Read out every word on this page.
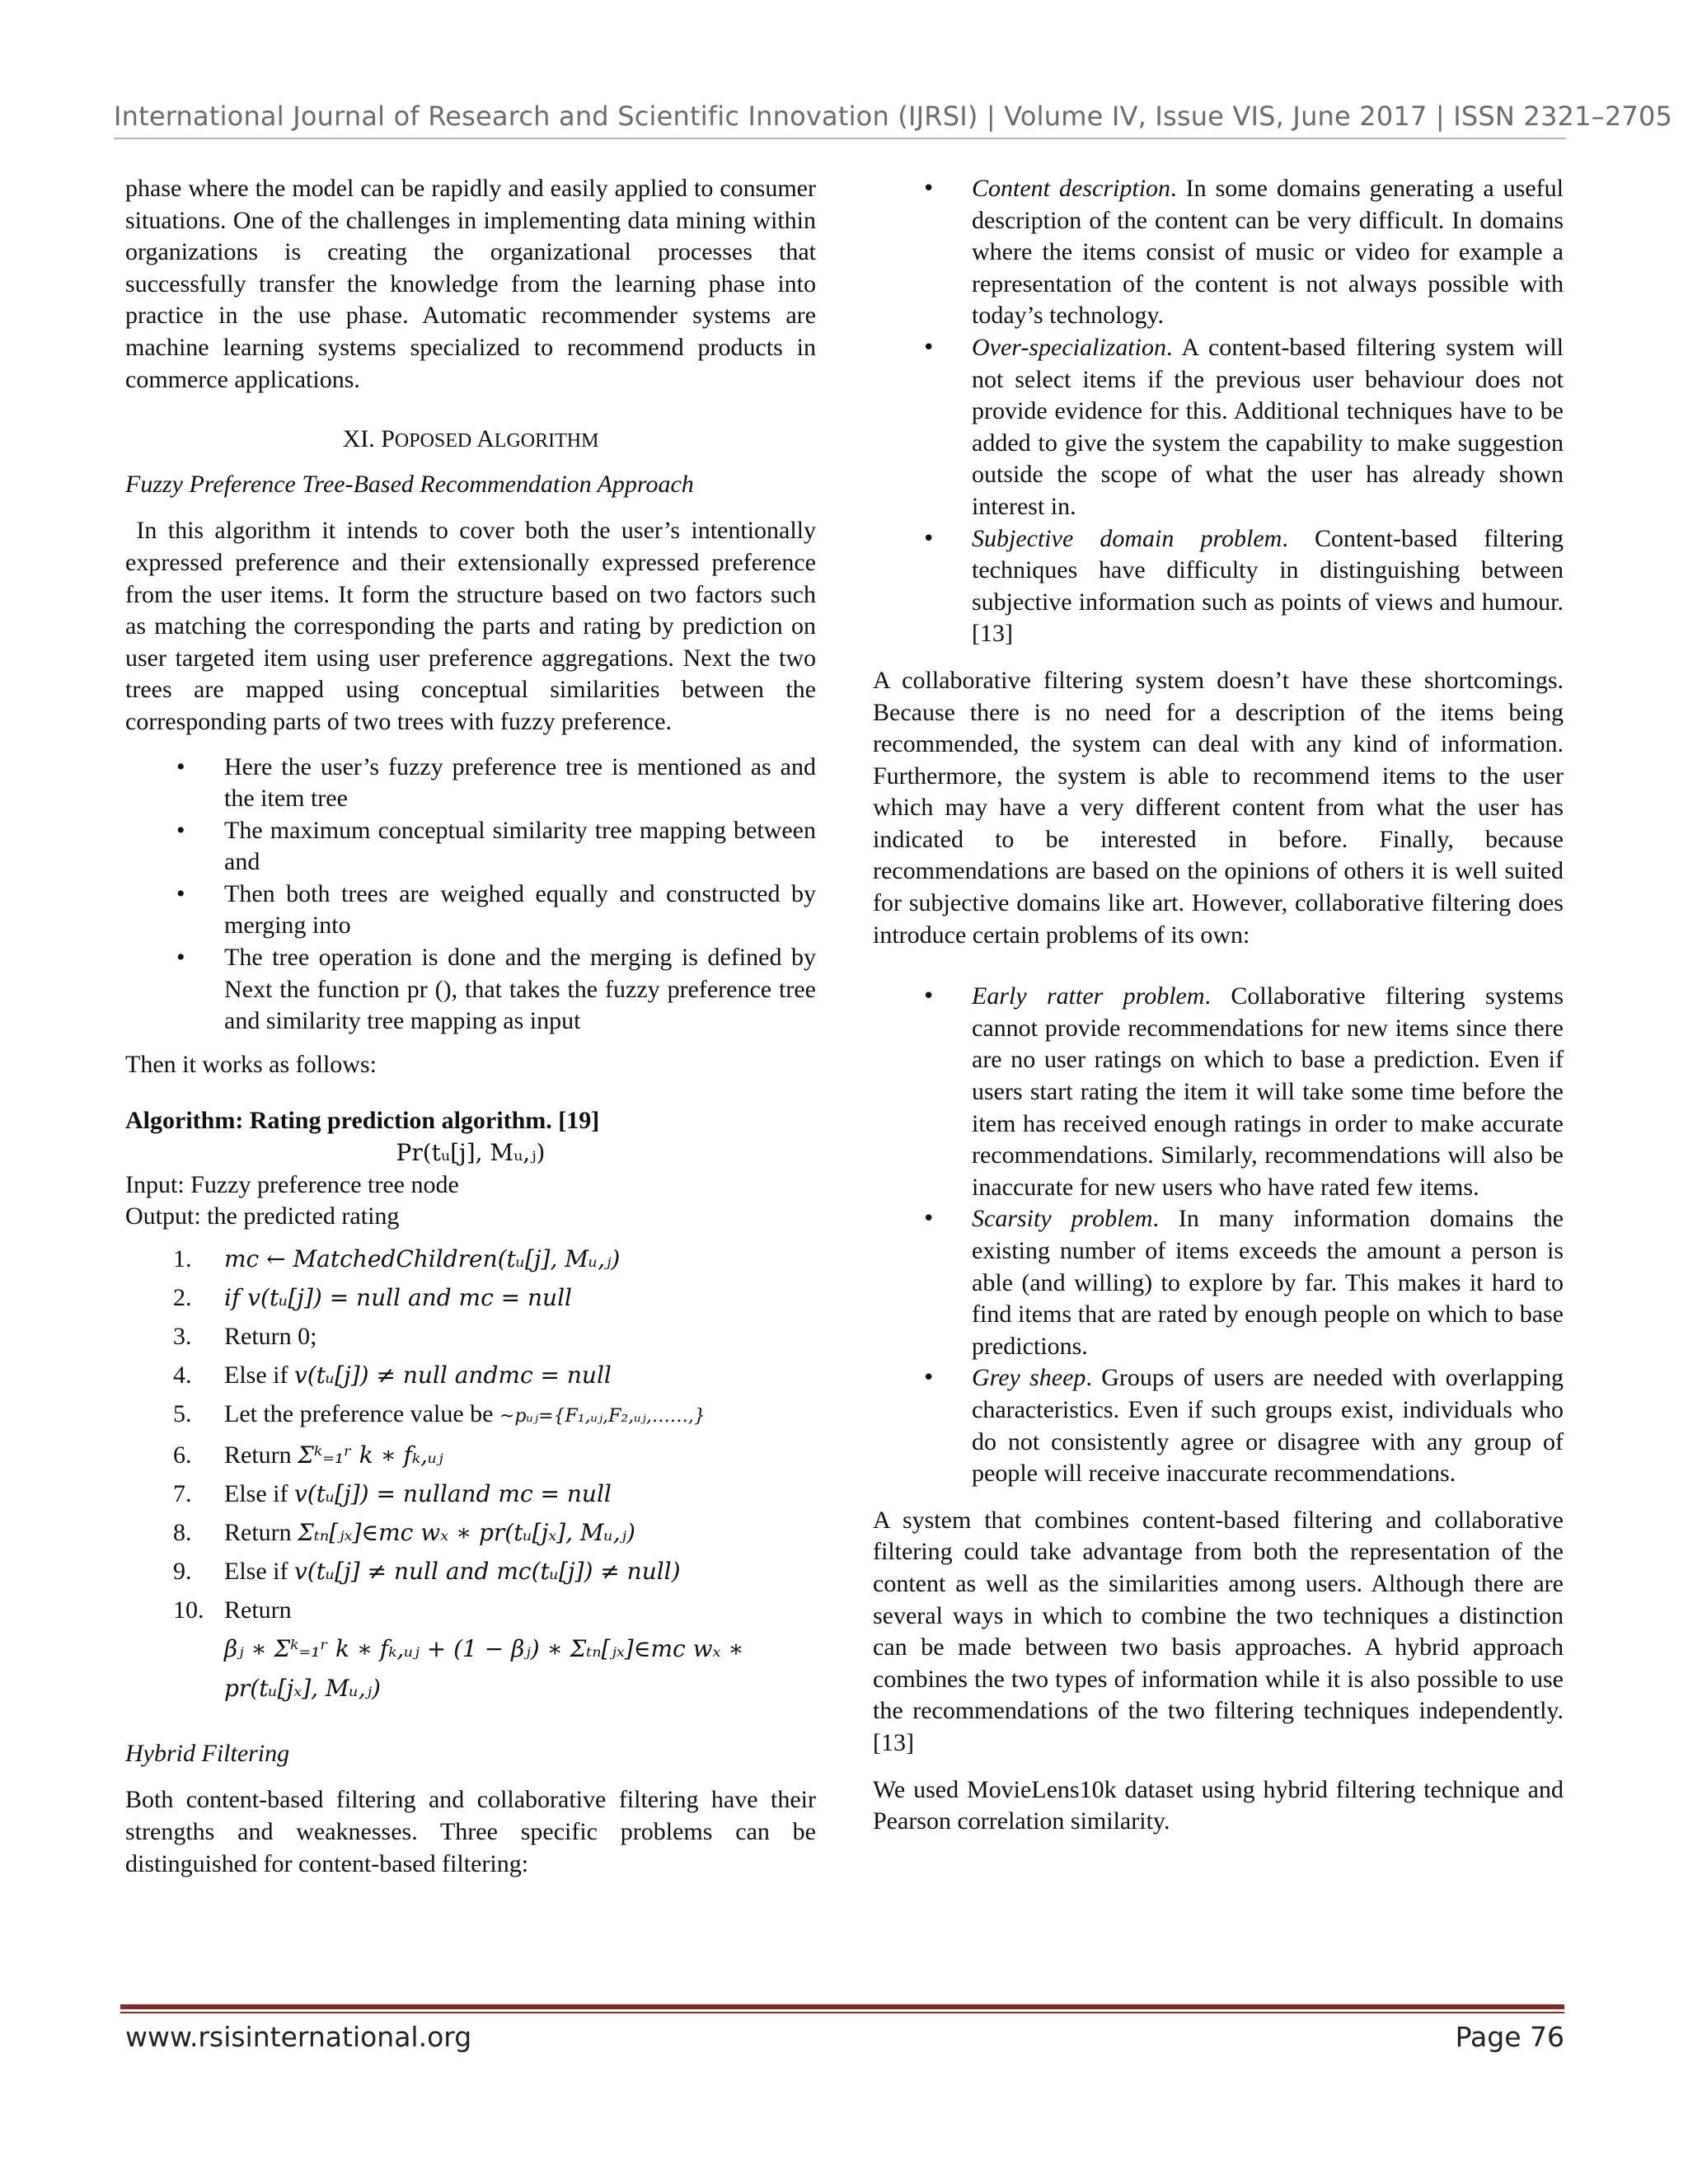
International Journal of Research and Scientific Innovation (IJRSI) | Volume IV, Issue VIS, June 2017 | ISSN 2321–2705

phase where the model can be rapidly and easily applied to consumer situations. One of the challenges in implementing data mining within organizations is creating the organizational processes that successfully transfer the knowledge from the learning phase into practice in the use phase. Automatic recommender systems are machine learning systems specialized to recommend products in commerce applications.

XI. POPOSED ALGORITHM

Fuzzy Preference Tree-Based Recommendation Approach

In this algorithm it intends to cover both the user’s intentionally expressed preference and their extensionally expressed preference from the user items. It form the structure based on two factors such as matching the corresponding the parts and rating by prediction on user targeted item using user preference aggregations. Next the two trees are mapped using conceptual similarities between the corresponding parts of two trees with fuzzy preference.

• Here the user’s fuzzy preference tree is mentioned as and the item tree
• The maximum conceptual similarity tree mapping between and
• Then both trees are weighed equally and constructed by merging into
• The tree operation is done and the merging is defined by Next the function pr (), that takes the fuzzy preference tree and similarity tree mapping as input

Then it works as follows:

Algorithm: Rating prediction algorithm. [19]

Pr(tᵤ[j], Mᵤ,ⱼ)

Input: Fuzzy preference tree node

Output: the predicted rating

1.	mc ← MatchedChildren(tᵤ[j], Mᵤ,ⱼ)
2.	if v(tᵤ[j]) = null and mc = null
3.	Return 0;
4.	Else if v(tᵤ[j]) ≠ null andmc = null
5.	Let the preference value be ~pᵤⱼ={F₁,ᵤⱼ,F₂,ᵤⱼ,……,}
6.	Return Σᵏ₌₁ʳ k ∗ fₖ,ᵤⱼ
7.	Else if v(tᵤ[j]) = nulland mc = null
8.	Return Σₜₙ[ⱼₓ]∈mc wₓ ∗ pr(tᵤ[jₓ], Mᵤ,ⱼ)
9.	Else if v(tᵤ[j] ≠ null and mc(tᵤ[j]) ≠ null)
10. Return
βⱼ ∗ Σᵏ₌₁ʳ k ∗ fₖ,ᵤⱼ + (1 − βⱼ) ∗ Σₜₙ[ⱼₓ]∈mc wₓ ∗
pr(tᵤ[jₓ], Mᵤ,ⱼ)

Hybrid Filtering

Both content-based filtering and collaborative filtering have their strengths and weaknesses. Three specific problems can be distinguished for content-based filtering:

• Content description. In some domains generating a useful description of the content can be very difficult. In domains where the items consist of music or video for example a representation of the content is not always possible with today’s technology.
• Over-specialization. A content-based filtering system will not select items if the previous user behaviour does not provide evidence for this. Additional techniques have to be added to give the system the capability to make suggestion outside the scope of what the user has already shown interest in.
• Subjective domain problem. Content-based filtering techniques have difficulty in distinguishing between subjective information such as points of views and humour. [13]

A collaborative filtering system doesn’t have these shortcomings. Because there is no need for a description of the items being recommended, the system can deal with any kind of information. Furthermore, the system is able to recommend items to the user which may have a very different content from what the user has indicated to be interested in before. Finally, because recommendations are based on the opinions of others it is well suited for subjective domains like art. However, collaborative filtering does introduce certain problems of its own:

• Early ratter problem. Collaborative filtering systems cannot provide recommendations for new items since there are no user ratings on which to base a prediction. Even if users start rating the item it will take some time before the item has received enough ratings in order to make accurate recommendations. Similarly, recommendations will also be inaccurate for new users who have rated few items.
• Scarsity problem. In many information domains the existing number of items exceeds the amount a person is able (and willing) to explore by far. This makes it hard to find items that are rated by enough people on which to base predictions.
• Grey sheep. Groups of users are needed with overlapping characteristics. Even if such groups exist, individuals who do not consistently agree or disagree with any group of people will receive inaccurate recommendations.

A system that combines content-based filtering and collaborative filtering could take advantage from both the representation of the content as well as the similarities among users. Although there are several ways in which to combine the two techniques a distinction can be made between two basis approaches. A hybrid approach combines the two types of information while it is also possible to use the recommendations of the two filtering techniques independently. [13]

We used MovieLens10k dataset using hybrid filtering technique and Pearson correlation similarity.

www.rsisinternational.org	Page 76
